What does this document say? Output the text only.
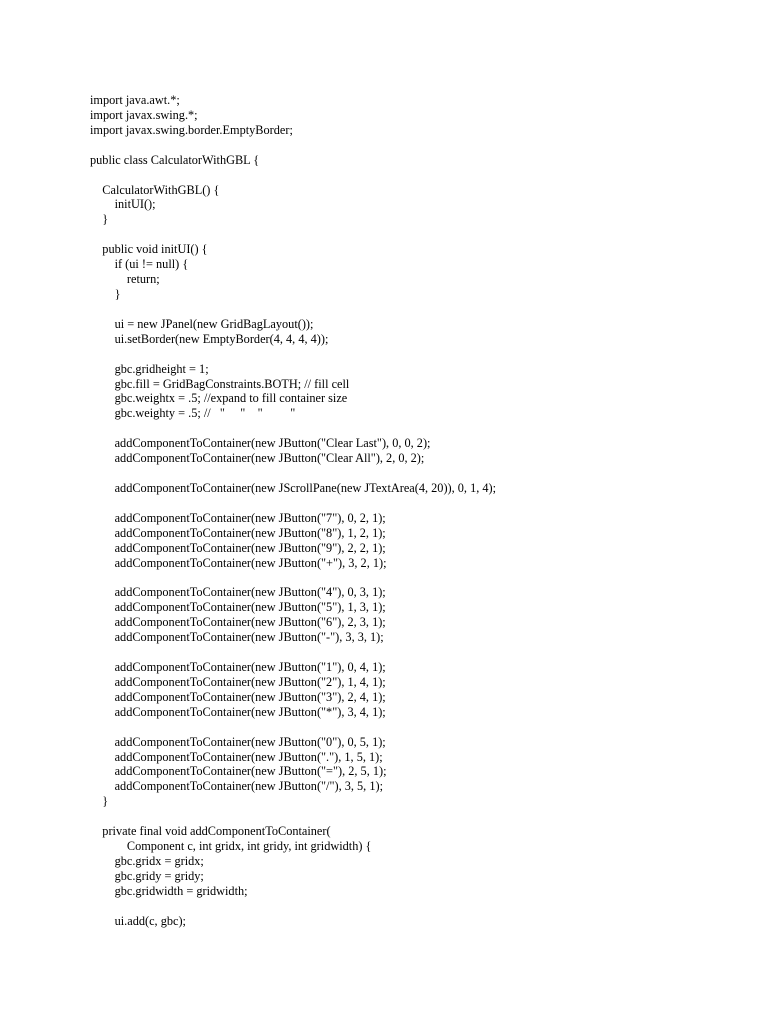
import java.awt.*;
import javax.swing.*;
import javax.swing.border.EmptyBorder;
public class CalculatorWithGBL {
CalculatorWithGBL() {
initUI();
}
public void initUI() {
if (ui != null) {
return;
}
ui = new JPanel(new GridBagLayout());
ui.setBorder(new EmptyBorder(4, 4, 4, 4));
gbc.gridheight = 1;
gbc.fill = GridBagConstraints.BOTH; // fill cell
gbc.weightx = .5; //expand to fill container size
gbc.weighty = .5; //   "     "    "         "
addComponentToContainer(new JButton("Clear Last"), 0, 0, 2);
addComponentToContainer(new JButton("Clear All"), 2, 0, 2);
addComponentToContainer(new JScrollPane(new JTextArea(4, 20)), 0, 1, 4);
addComponentToContainer(new JButton("7"), 0, 2, 1);
addComponentToContainer(new JButton("8"), 1, 2, 1);
addComponentToContainer(new JButton("9"), 2, 2, 1);
addComponentToContainer(new JButton("+"), 3, 2, 1);
addComponentToContainer(new JButton("4"), 0, 3, 1);
addComponentToContainer(new JButton("5"), 1, 3, 1);
addComponentToContainer(new JButton("6"), 2, 3, 1);
addComponentToContainer(new JButton("-"), 3, 3, 1);
addComponentToContainer(new JButton("1"), 0, 4, 1);
addComponentToContainer(new JButton("2"), 1, 4, 1);
addComponentToContainer(new JButton("3"), 2, 4, 1);
addComponentToContainer(new JButton("*"), 3, 4, 1);
addComponentToContainer(new JButton("0"), 0, 5, 1);
addComponentToContainer(new JButton("."), 1, 5, 1);
addComponentToContainer(new JButton("="), 2, 5, 1);
addComponentToContainer(new JButton("/"), 3, 5, 1);
}
private final void addComponentToContainer(
Component c, int gridx, int gridy, int gridwidth) {
gbc.gridx = gridx;
gbc.gridy = gridy;
gbc.gridwidth = gridwidth;
ui.add(c, gbc);
